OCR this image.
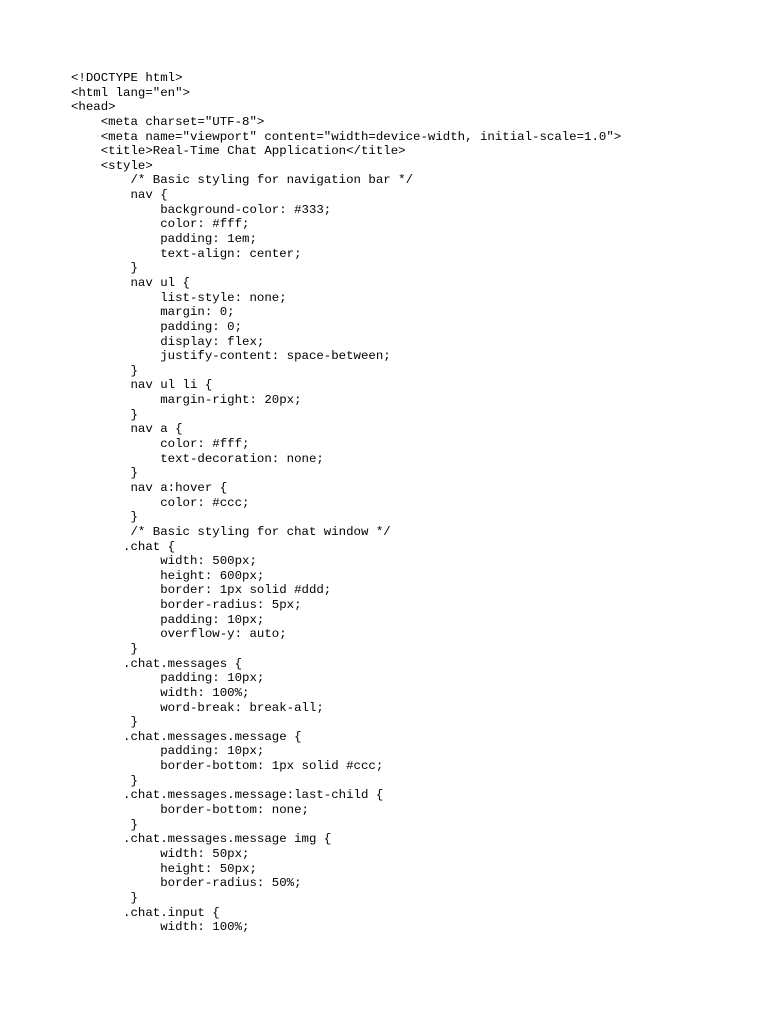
<!DOCTYPE html>
<html lang="en">
<head>
<meta charset="UTF-8">
<meta name="viewport" content="width=device-width, initial-scale=1.0">
<title>Real-Time Chat Application</title>
<style>
/* Basic styling for navigation bar */
nav {
background-color: #333;
color: #fff;
padding: 1em;
text-align: center;
}
nav ul {
list-style: none;
margin: 0;
padding: 0;
display: flex;
justify-content: space-between;
}
nav ul li {
margin-right: 20px;
}
nav a {
color: #fff;
text-decoration: none;
}
nav a:hover {
color: #ccc;
}
/* Basic styling for chat window */
.chat {
width: 500px;
height: 600px;
border: 1px solid #ddd;
border-radius: 5px;
padding: 10px;
overflow-y: auto;
}
.chat.messages {
padding: 10px;
width: 100%;
word-break: break-all;
}
.chat.messages.message {
padding: 10px;
border-bottom: 1px solid #ccc;
}
.chat.messages.message:last-child {
border-bottom: none;
}
.chat.messages.message img {
width: 50px;
height: 50px;
border-radius: 50%;
}
.chat.input {
width: 100%;
